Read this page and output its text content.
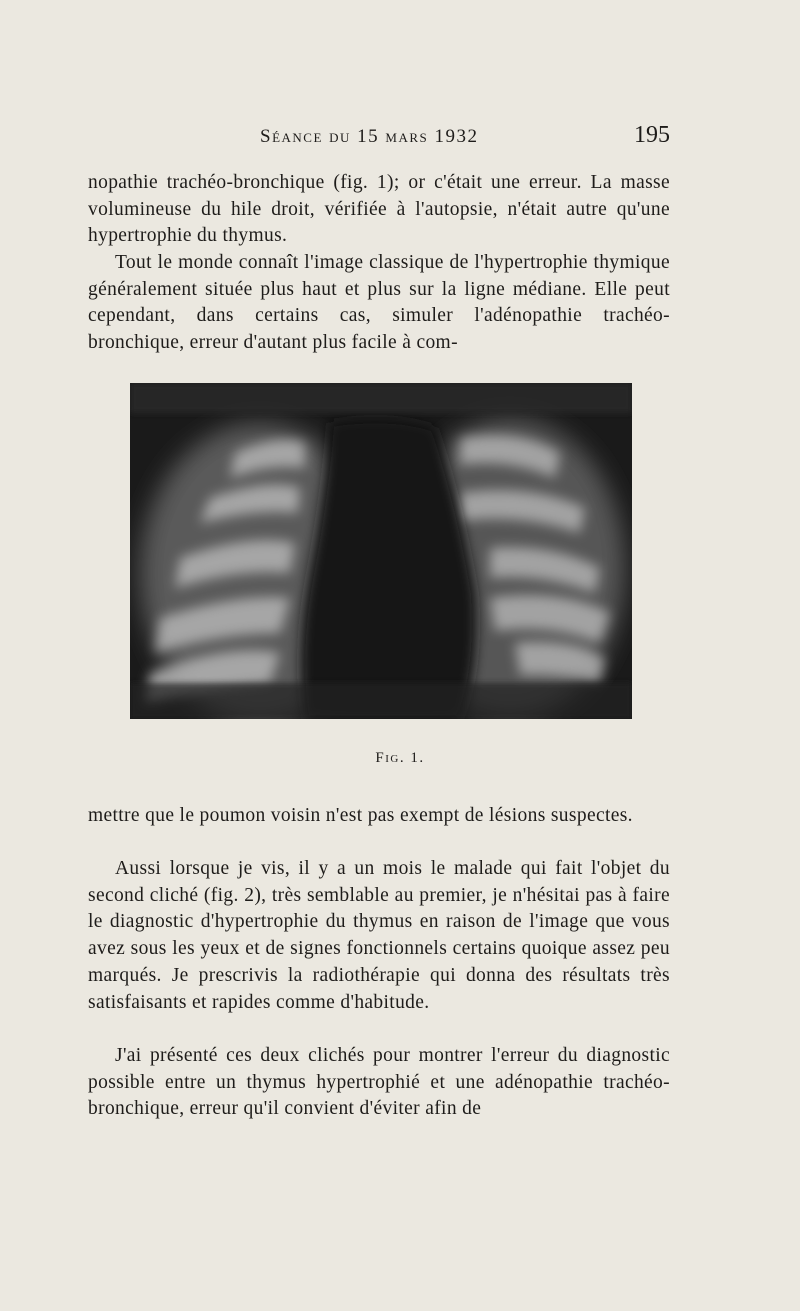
Séance du 15 mars 1932	195

nopathie trachéo-bronchique (fig. 1); or c'était une erreur. La masse volumineuse du hile droit, vérifiée à l'autopsie, n'était autre qu'une hypertrophie du thymus.

Tout le monde connaît l'image classique de l'hypertrophie thymique généralement située plus haut et plus sur la ligne médiane. Elle peut cependant, dans certains cas, simuler l'adénopathie trachéo-bronchique, erreur d'autant plus facile à com-

Fig. 1.

mettre que le poumon voisin n'est pas exempt de lésions suspectes.

Aussi lorsque je vis, il y a un mois le malade qui fait l'objet du second cliché (fig. 2), très semblable au premier, je n'hésitai pas à faire le diagnostic d'hypertrophie du thymus en raison de l'image que vous avez sous les yeux et de signes fonctionnels certains quoique assez peu marqués. Je prescrivis la radiothérapie qui donna des résultats très satisfaisants et rapides comme d'habitude.

J'ai présenté ces deux clichés pour montrer l'erreur du diagnostic possible entre un thymus hypertrophié et une adénopathie trachéo-bronchique, erreur qu'il convient d'éviter afin de
